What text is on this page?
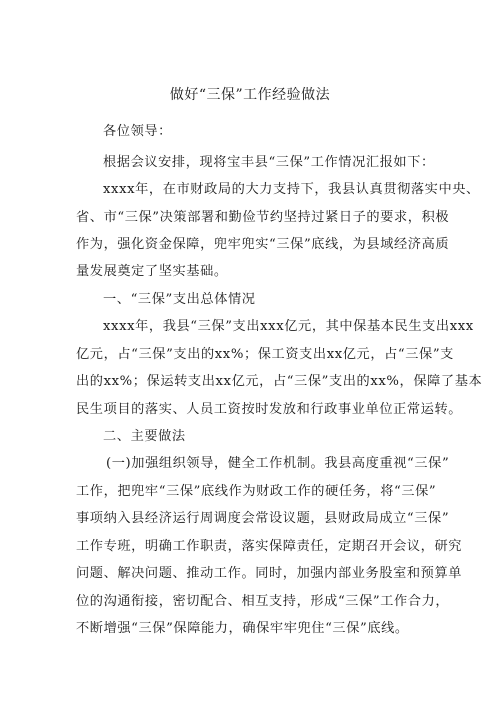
做好“三保”工作经验做法
各位领导：
根据会议安排，现将宝丰县“三保”工作情况汇报如下：
xxxx年，在市财政局的大力支持下，我县认真贯彻落实中央、
省、市“三保”决策部署和勤俭节约坚持过紧日子的要求，积极
作为，强化资金保障，兜牢兜实“三保”底线，为县域经济高质
量发展奠定了坚实基础。
一、“三保”支出总体情况
xxxx年，我县“三保”支出xxx亿元，其中保基本民生支出xxx
亿元，占“三保”支出的xx%；保工资支出xx亿元，占“三保”支
出的xx%；保运转支出xx亿元，占“三保”支出的xx%，保障了基本
民生项目的落实、人员工资按时发放和行政事业单位正常运转。
二、主要做法
(一)加强组织领导，健全工作机制。我县高度重视“三保”
工作，把兜牢“三保”底线作为财政工作的硬任务，将“三保”
事项纳入县经济运行周调度会常设议题，县财政局成立“三保”
工作专班，明确工作职责，落实保障责任，定期召开会议，研究
问题、解决问题、推动工作。同时，加强内部业务股室和预算单
位的沟通衔接，密切配合、相互支持，形成“三保”工作合力，
不断增强“三保”保障能力，确保牢牢兜住“三保”底线。
